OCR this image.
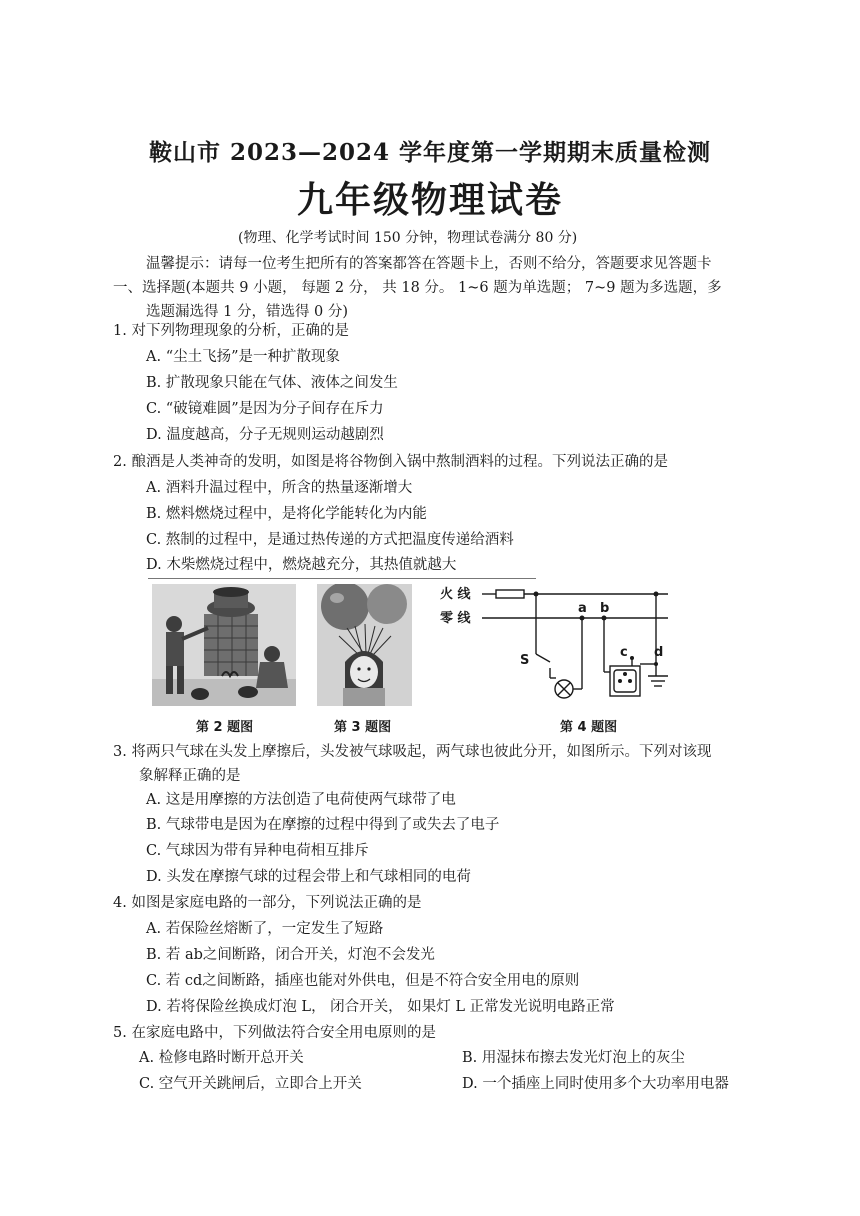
鞍山市 2023—2024 学年度第一学期期末质量检测
九年级物理试卷
(物理、化学考试时间 150 分钟，物理试卷满分 80 分)
温馨提示：请每一位考生把所有的答案都答在答题卡上，否则不给分，答题要求见答题卡
一、选择题(本题共 9 小题， 每题 2 分， 共 18 分。 1~6 题为单选题； 7~9 题为多选题，多
选题漏选得 1 分，错选得 0 分)
1. 对下列物理现象的分析，正确的是
A. “尘土飞扬”是一种扩散现象
B. 扩散现象只能在气体、液体之间发生
C. “破镜难圆”是因为分子间存在斥力
D. 温度越高，分子无规则运动越剧烈
2. 酿酒是人类神奇的发明，如图是将谷物倒入锅中熬制酒料的过程。下列说法正确的是
A. 酒料升温过程中，所含的热量逐渐增大
B. 燃料燃烧过程中，是将化学能转化为内能
C. 熬制的过程中，是通过热传递的方式把温度传递给酒料
D. 木柴燃烧过程中，燃烧越充分，其热值就越大
第 2 题图	第 3 题图
火 线
零 线
a b
c d
S
第 4 题图
3. 将两只气球在头发上摩擦后，头发被气球吸起，两气球也彼此分开，如图所示。下列对该现
象解释正确的是
A. 这是用摩擦的方法创造了电荷使两气球带了电
B. 气球带电是因为在摩擦的过程中得到了或失去了电子
C. 气球因为带有异种电荷相互排斥
D. 头发在摩擦气球的过程会带上和气球相同的电荷
4. 如图是家庭电路的一部分，下列说法正确的是
A. 若保险丝熔断了，一定发生了短路
B. 若 ab之间断路，闭合开关，灯泡不会发光
C. 若 cd之间断路，插座也能对外供电，但是不符合安全用电的原则
D. 若将保险丝换成灯泡 L， 闭合开关， 如果灯 L 正常发光说明电路正常
5. 在家庭电路中，下列做法符合安全用电原则的是
A. 检修电路时断开总开关	B. 用湿抹布擦去发光灯泡上的灰尘
C. 空气开关跳闸后，立即合上开关	D. 一个插座上同时使用多个大功率用电器
